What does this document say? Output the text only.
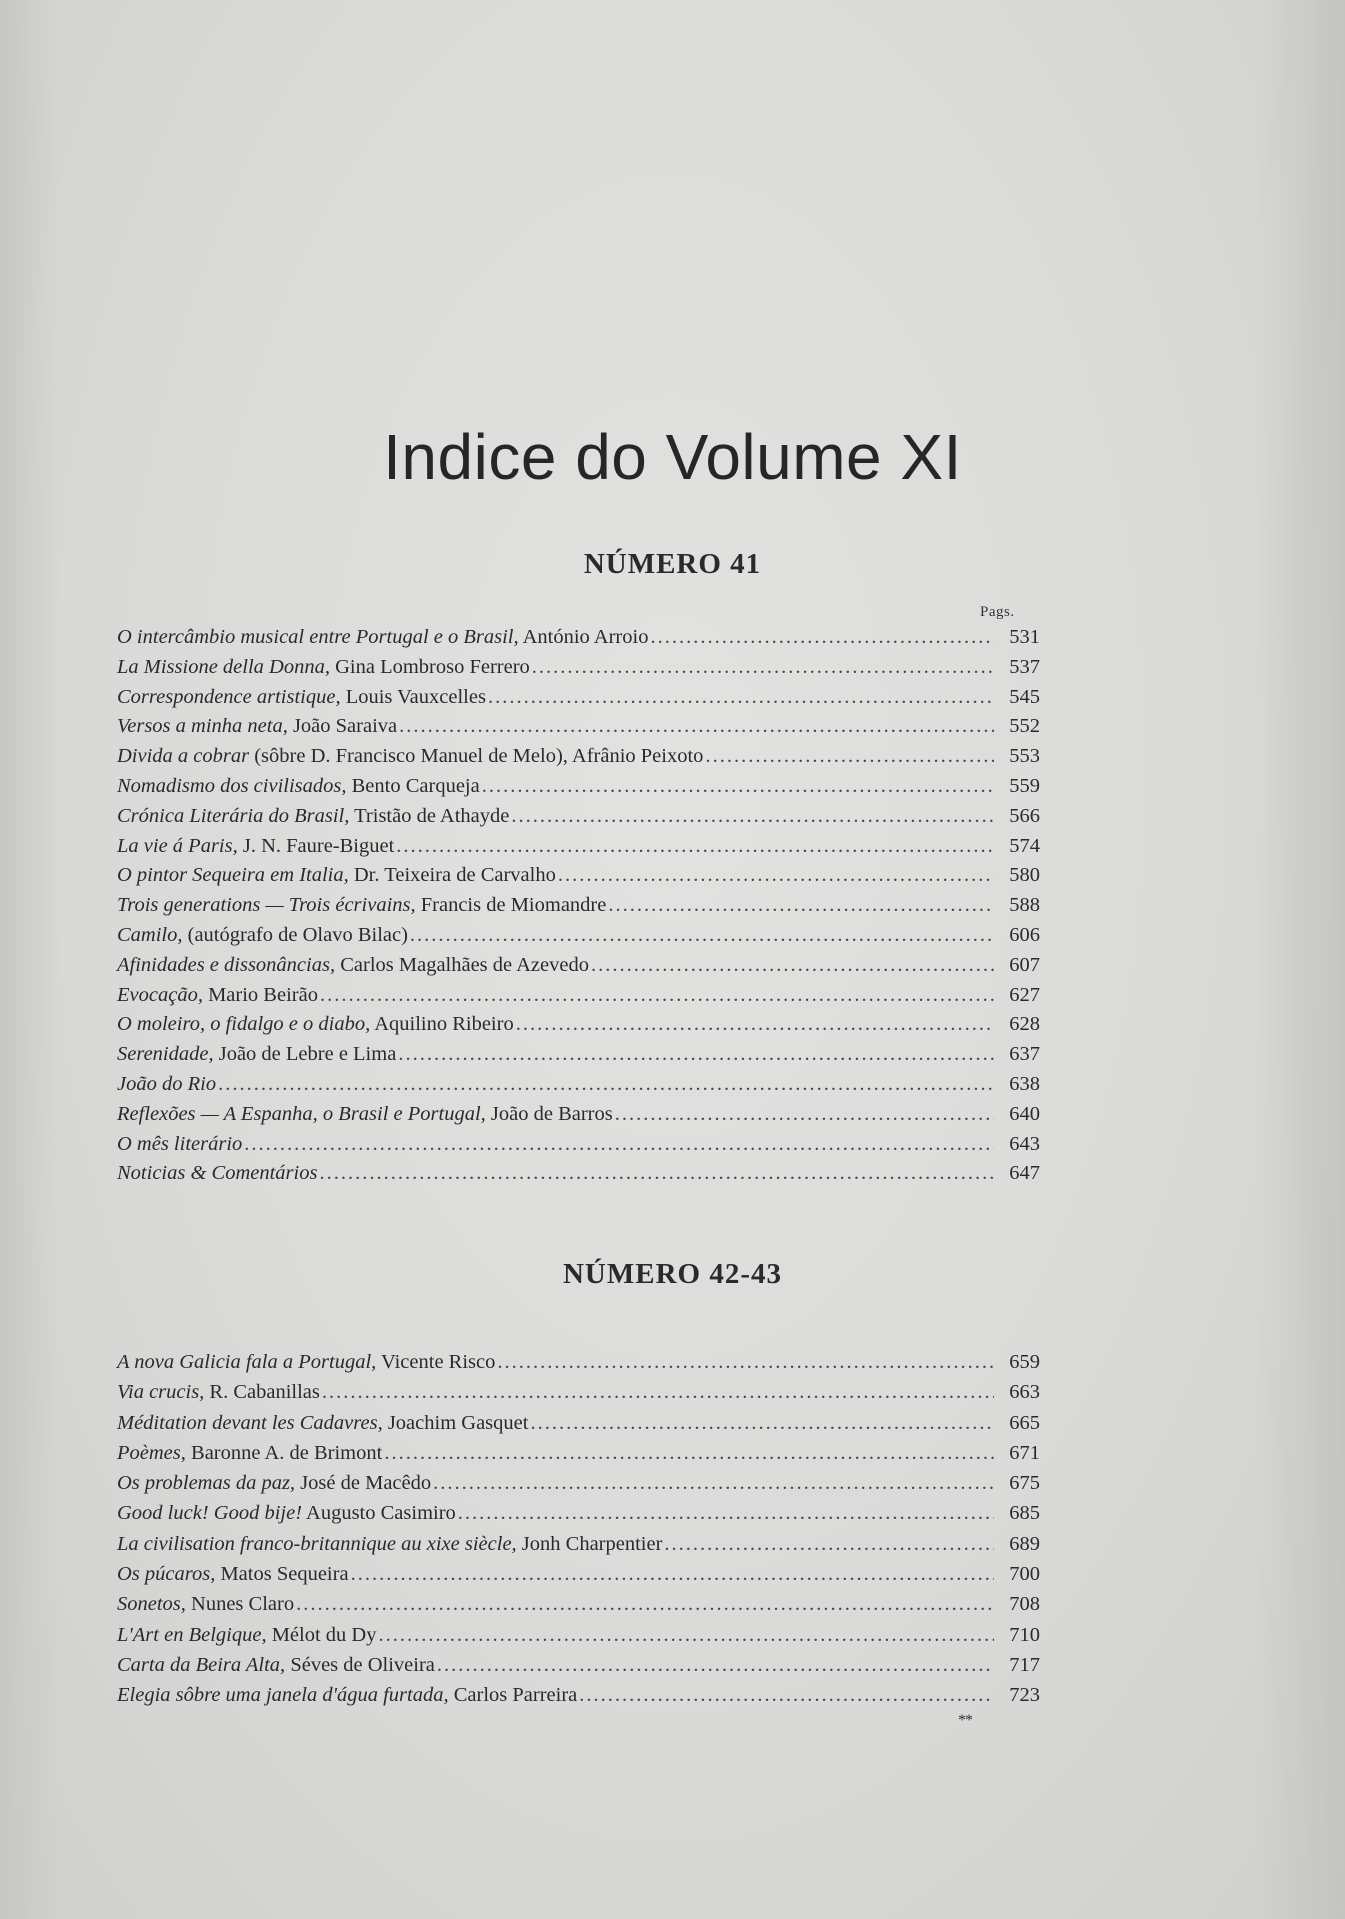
Indice do Volume XI
NÚMERO 41
Pags.
O intercâmbio musical entre Portugal e o Brasil, António Arroio .....	531
La Missione della Donna, Gina Lombroso Ferrero .....	537
Correspondence artistique, Louis Vauxcelles .....	545
Versos a minha neta, João Saraiva .....	552
Divida a cobrar (sôbre D. Francisco Manuel de Melo), Afrânio Peixoto .....	553
Nomadismo dos civilisados, Bento Carqueja .....	559
Crónica Literária do Brasil, Tristão de Athayde .....	566
La vie á Paris, J. N. Faure-Biguet .....	574
O pintor Sequeira em Italia, Dr. Teixeira de Carvalho .....	580
Trois generations — Trois écrivains, Francis de Miomandre .....	588
Camilo, (autógrafo de Olavo Bilac) .....	606
Afinidades e dissonâncias, Carlos Magalhães de Azevedo .....	607
Evocação, Mario Beirão .....	627
O moleiro, o fidalgo e o diabo, Aquilino Ribeiro .....	628
Serenidade, João de Lebre e Lima .....	637
João do Rio .....	638
Reflexões — A Espanha, o Brasil e Portugal, João de Barros .....	640
O mês literário .....	643
Noticias & Comentários .....	647
NÚMERO 42-43
A nova Galicia fala a Portugal, Vicente Risco .....	659
Via crucis, R. Cabanillas .....	663
Méditation devant les Cadavres, Joachim Gasquet .....	665
Poèmes, Baronne A. de Brimont .....	671
Os problemas da paz, José de Macêdo .....	675
Good luck! Good bije! Augusto Casimiro .....	685
La civilisation franco-britannique au xixe siècle, Jonh Charpentier .....	689
Os púcaros, Matos Sequeira .....	700
Sonetos, Nunes Claro .....	708
L'Art en Belgique, Mélot du Dy .....	710
Carta da Beira Alta, Séves de Oliveira .....	717
Elegia sôbre uma janela d'água furtada, Carlos Parreira .....	723
**
